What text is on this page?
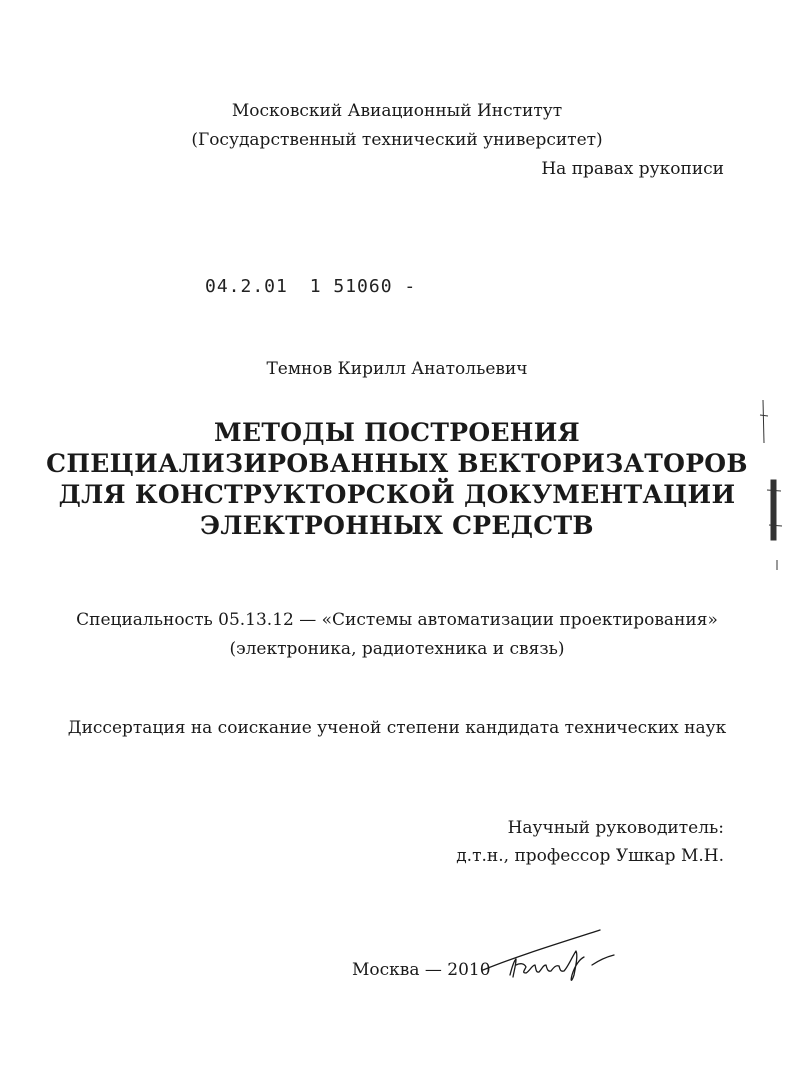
Московский Авиационный Институт
(Государственный технический университет)
На правах рукописи
04.2.01 1 51060 -
Темнов Кирилл Анатольевич
МЕТОДЫ ПОСТРОЕНИЯ
СПЕЦИАЛИЗИРОВАННЫХ ВЕКТОРИЗАТОРОВ
ДЛЯ КОНСТРУКТОРСКОЙ ДОКУМЕНТАЦИИ
ЭЛЕКТРОННЫХ СРЕДСТВ
Специальность 05.13.12 — «Системы автоматизации проектирования»
(электроника, радиотехника и связь)
Диссертация на соискание ученой степени кандидата технических наук
Научный руководитель:
д.т.н., профессор Ушкар М.Н.
Москва — 2010
